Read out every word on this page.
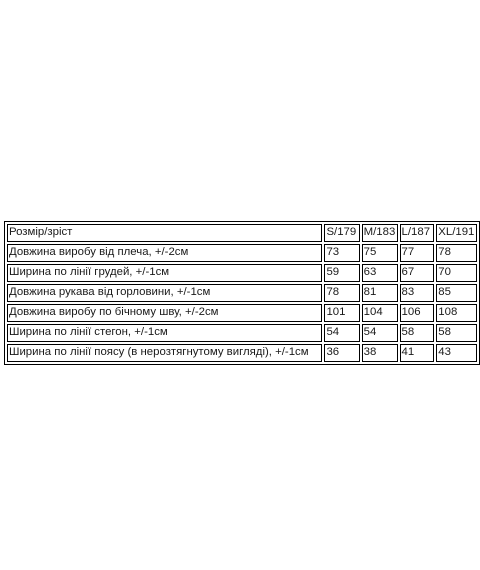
Розмір/зріст	S/179	M/183	L/187	XL/191
Довжина виробу від плеча, +/-2см	73	75	77	78
Ширина по лінії грудей, +/-1см	59	63	67	70
Довжина рукава від горловини, +/-1см	78	81	83	85
Довжина виробу по бічному шву, +/-2см	101	104	106	108
Ширина по лінії стегон, +/-1см	54	54	58	58
Ширина по лінії поясу (в нерозтягнутому вигляді), +/-1см	36	38	41	43
